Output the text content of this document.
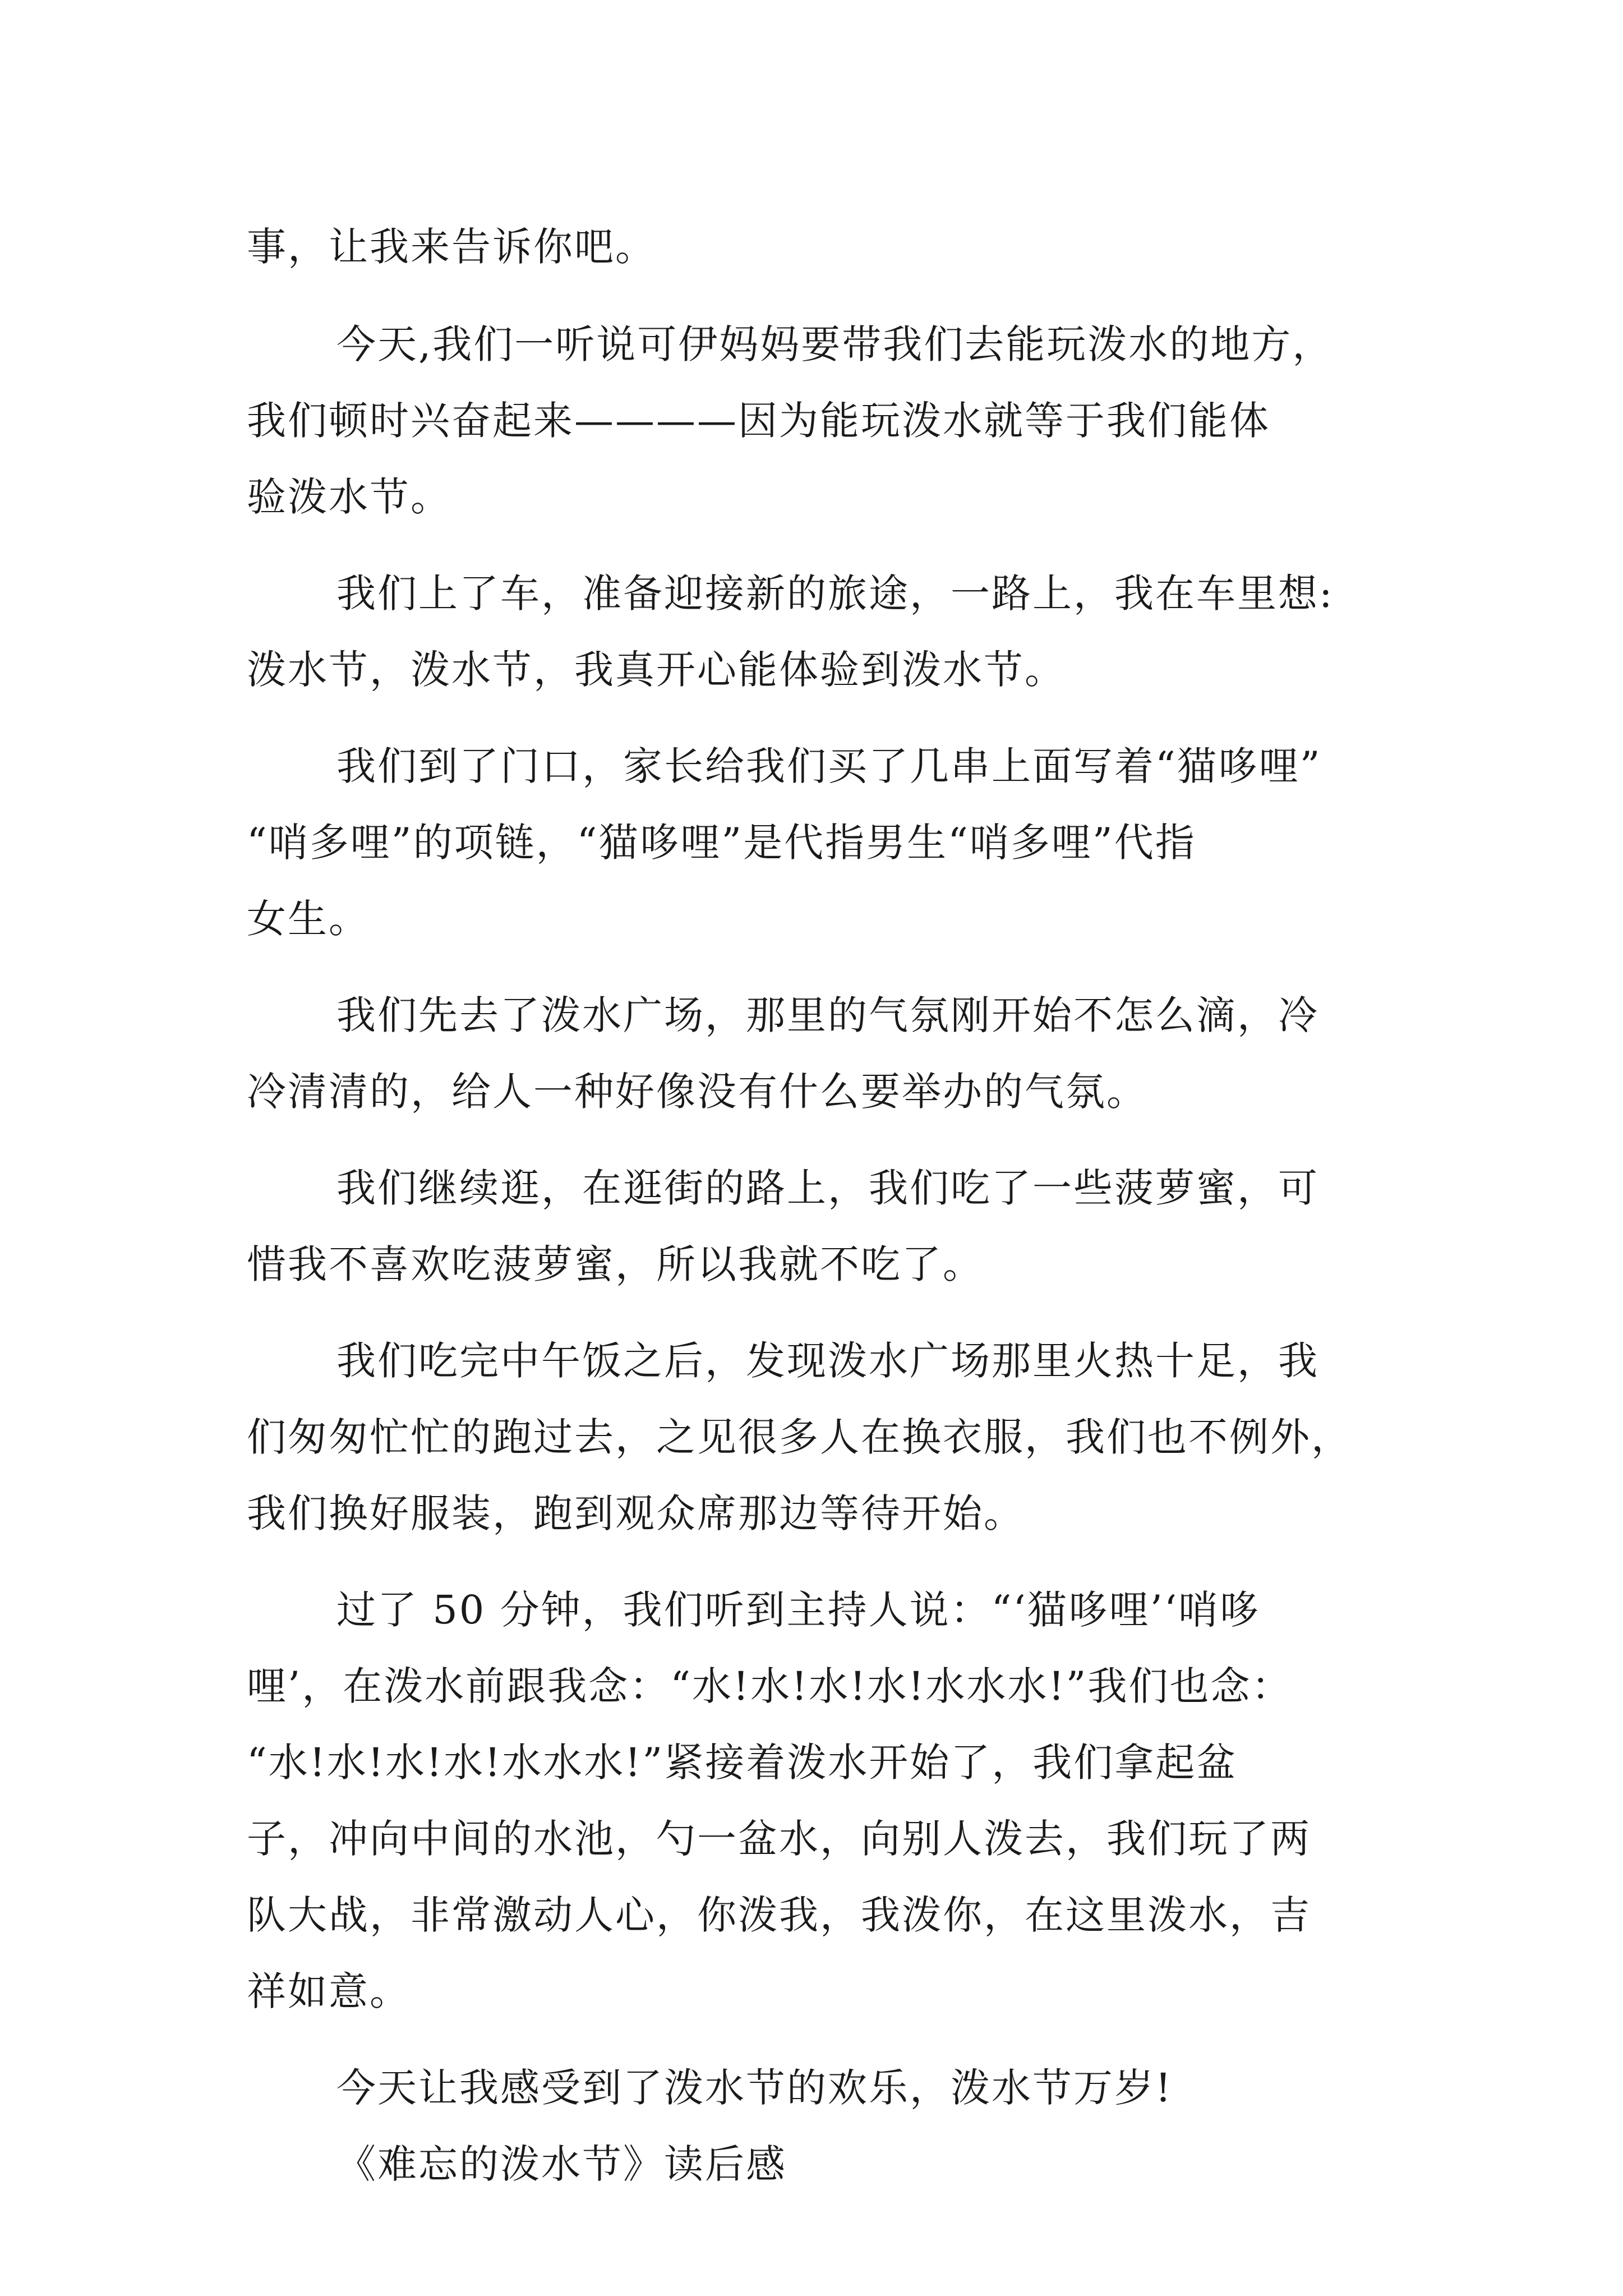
事，让我来告诉你吧。
今天,我们一听说可伊妈妈要带我们去能玩泼水的地方，
我们顿时兴奋起来————因为能玩泼水就等于我们能体
验泼水节。
我们上了车，准备迎接新的旅途，一路上，我在车里想:
泼水节，泼水节，我真开心能体验到泼水节。
我们到了门口，家长给我们买了几串上面写着“猫哆哩”
“哨多哩”的项链，“猫哆哩”是代指男生“哨多哩”代指
女生。
我们先去了泼水广场，那里的气氛刚开始不怎么滴，冷
冷清清的，给人一种好像没有什么要举办的气氛。
我们继续逛，在逛街的路上，我们吃了一些菠萝蜜，可
惜我不喜欢吃菠萝蜜，所以我就不吃了。
我们吃完中午饭之后，发现泼水广场那里火热十足，我
们匆匆忙忙的跑过去，之见很多人在换衣服，我们也不例外，
我们换好服装，跑到观众席那边等待开始。
过了 50 分钟，我们听到主持人说：“‘猫哆哩’‘哨哆
哩’，在泼水前跟我念：“水!水!水!水!水水水!”我们也念：
“水!水!水!水!水水水!”紧接着泼水开始了，我们拿起盆
子，冲向中间的水池，勺一盆水，向别人泼去，我们玩了两
队大战，非常激动人心，你泼我，我泼你，在这里泼水，吉
祥如意。
今天让我感受到了泼水节的欢乐，泼水节万岁!
《难忘的泼水节》读后感
